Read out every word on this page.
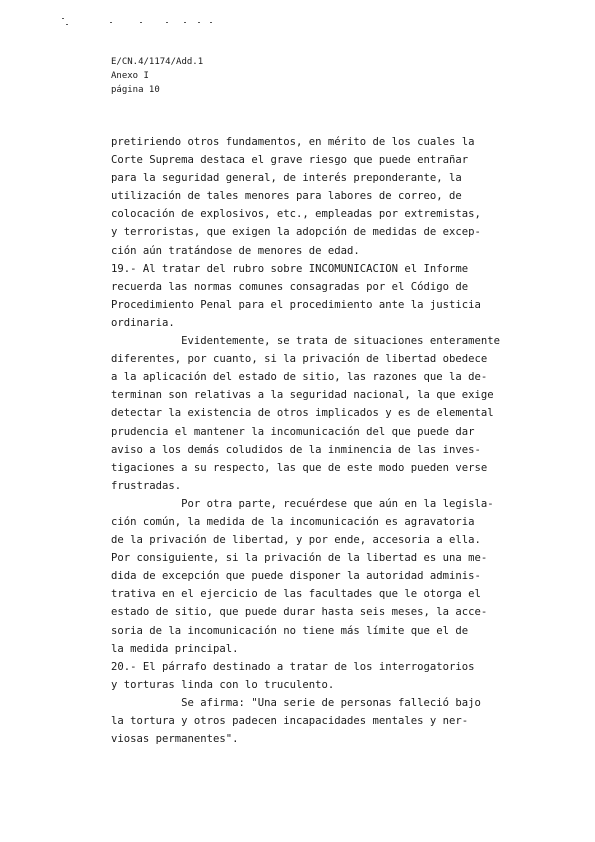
E/CN.4/1174/Add.1
Anexo I
página 10
pretiriendo otros fundamentos, en mérito de los cuales la
Corte Suprema destaca el grave riesgo que puede entrañar
para la seguridad general, de interés preponderante, la
utilización de tales menores para labores de correo, de
colocación de explosivos, etc., empleadas por extremistas,
y terroristas, que exigen la adopción de medidas de excep-
ción aún tratándose de menores de edad.
19.- Al tratar del rubro sobre INCOMUNICACION el Informe
recuerda las normas comunes consagradas por el Código de
Procedimiento Penal para el procedimiento ante la justicia
ordinaria.
Evidentemente, se trata de situaciones enteramente
diferentes, por cuanto, si la privación de libertad obedece
a la aplicación del estado de sitio, las razones que la de-
terminan son relativas a la seguridad nacional, la que exige
detectar la existencia de otros implicados y es de elemental
prudencia el mantener la incomunicación del que puede dar
aviso a los demás coludidos de la inminencia de las inves-
tigaciones a su respecto, las que de este modo pueden verse
frustradas.
Por otra parte, recuérdese que aún en la legisla-
ción común, la medida de la incomunicación es agravatoria
de la privación de libertad, y por ende, accesoria a ella.
Por consiguiente, si la privación de la libertad es una me-
dida de excepción que puede disponer la autoridad adminis-
trativa en el ejercicio de las facultades que le otorga el
estado de sitio, que puede durar hasta seis meses, la acce-
soria de la incomunicación no tiene más límite que el de
la medida principal.
20.- El párrafo destinado a tratar de los interrogatorios
y torturas linda con lo truculento.
Se afirma: "Una serie de personas falleció bajo
la tortura y otros padecen incapacidades mentales y ner-
viosas permanentes".
